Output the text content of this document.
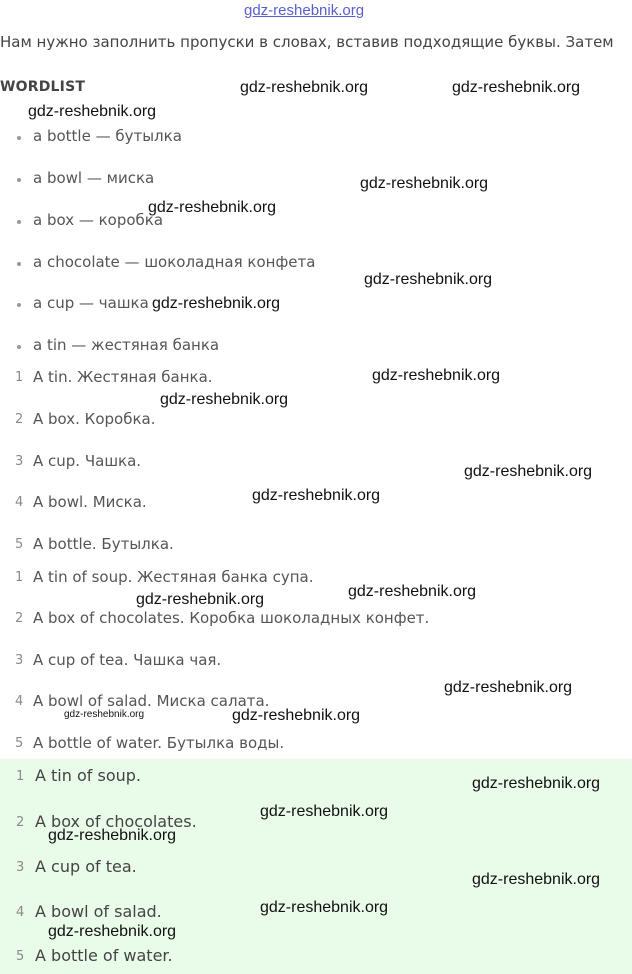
gdz-reshebnik.org
Нам нужно заполнить пропуски в словах, вставив подходящие буквы. Затем
WORDLIST
a bottle — бутылка
a bowl — миска
a box — коробка
a chocolate — шоколадная конфета
a cup — чашка
a tin — жестяная банка
1 A tin. Жестяная банка.
2 A box. Коробка.
3 A cup. Чашка.
4 A bowl. Миска.
5 A bottle. Бутылка.
1 A tin of soup. Жестяная банка супа.
2 A box of chocolates. Коробка шоколадных конфет.
3 A cup of tea. Чашка чая.
4 A bowl of salad. Миска салата.
5 A bottle of water. Бутылка воды.
1 A tin of soup.
2 A box of chocolates.
3 A cup of tea.
4 A bowl of salad.
5 A bottle of water.
gdz-reshebnik.org	gdz-reshebnik.org
gdz-reshebnik.org
gdz-reshebnik.org
gdz-reshebnik.org
gdz-reshebnik.org
gdz-reshebnik.org
gdz-reshebnik.org
gdz-reshebnik.org
gdz-reshebnik.org
gdz-reshebnik.org
gdz-reshebnik.org
gdz-reshebnik.org
gdz-reshebnik.org
gdz-reshebnik.org	gdz-reshebnik.org
gdz-reshebnik.org
gdz-reshebnik.org
gdz-reshebnik.org
gdz-reshebnik.org
gdz-reshebnik.org
gdz-reshebnik.org
